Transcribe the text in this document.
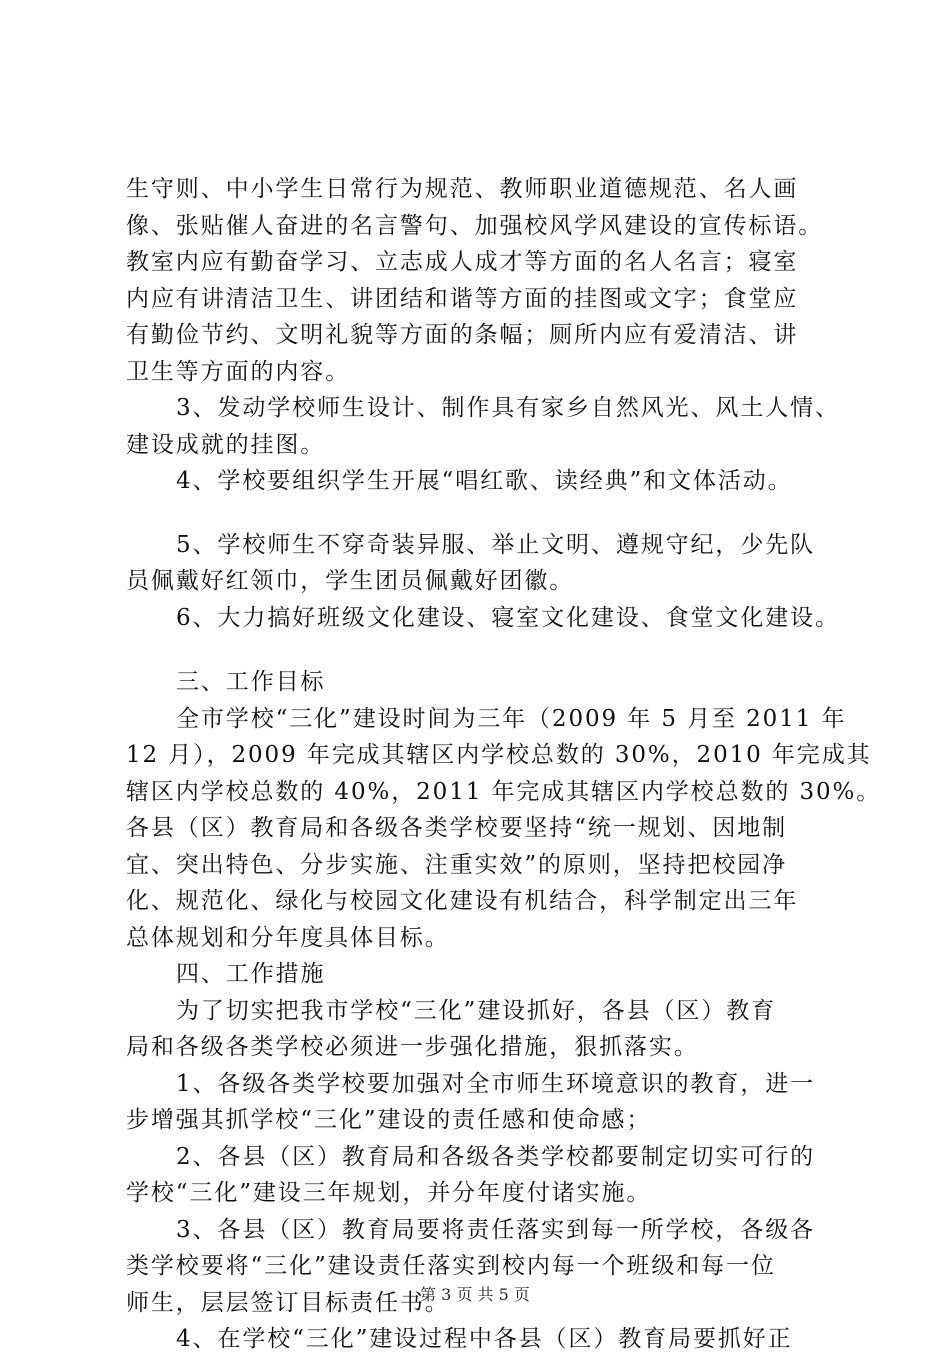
生守则、中小学生日常行为规范、教师职业道德规范、名人画
像、张贴催人奋进的名言警句、加强校风学风建设的宣传标语。
教室内应有勤奋学习、立志成人成才等方面的名人名言；寝室
内应有讲清洁卫生、讲团结和谐等方面的挂图或文字；食堂应
有勤俭节约、文明礼貌等方面的条幅；厕所内应有爱清洁、讲
卫生等方面的内容。
3、发动学校师生设计、制作具有家乡自然风光、风土人情、
建设成就的挂图。
4、学校要组织学生开展“唱红歌、读经典”和文体活动。
5、学校师生不穿奇装异服、举止文明、遵规守纪，少先队
员佩戴好红领巾，学生团员佩戴好团徽。
6、大力搞好班级文化建设、寝室文化建设、食堂文化建设。
三、工作目标
全市学校“三化”建设时间为三年（2009 年 5 月至 2011 年
12 月），2009 年完成其辖区内学校总数的 30%，2010 年完成其
辖区内学校总数的 40%，2011 年完成其辖区内学校总数的 30%。
各县（区）教育局和各级各类学校要坚持“统一规划、因地制
宜、突出特色、分步实施、注重实效”的原则，坚持把校园净
化、规范化、绿化与校园文化建设有机结合，科学制定出三年
总体规划和分年度具体目标。
四、工作措施
为了切实把我市学校“三化”建设抓好，各县（区）教育
局和各级各类学校必须进一步强化措施，狠抓落实。
1、各级各类学校要加强对全市师生环境意识的教育，进一
步增强其抓学校“三化”建设的责任感和使命感；
2、各县（区）教育局和各级各类学校都要制定切实可行的
学校“三化”建设三年规划，并分年度付诸实施。
3、各县（区）教育局要将责任落实到每一所学校，各级各
类学校要将“三化”建设责任落实到校内每一个班级和每一位
师生，层层签订目标责任书。
4、在学校“三化”建设过程中各县（区）教育局要抓好正
第 3 页 共 5 页
